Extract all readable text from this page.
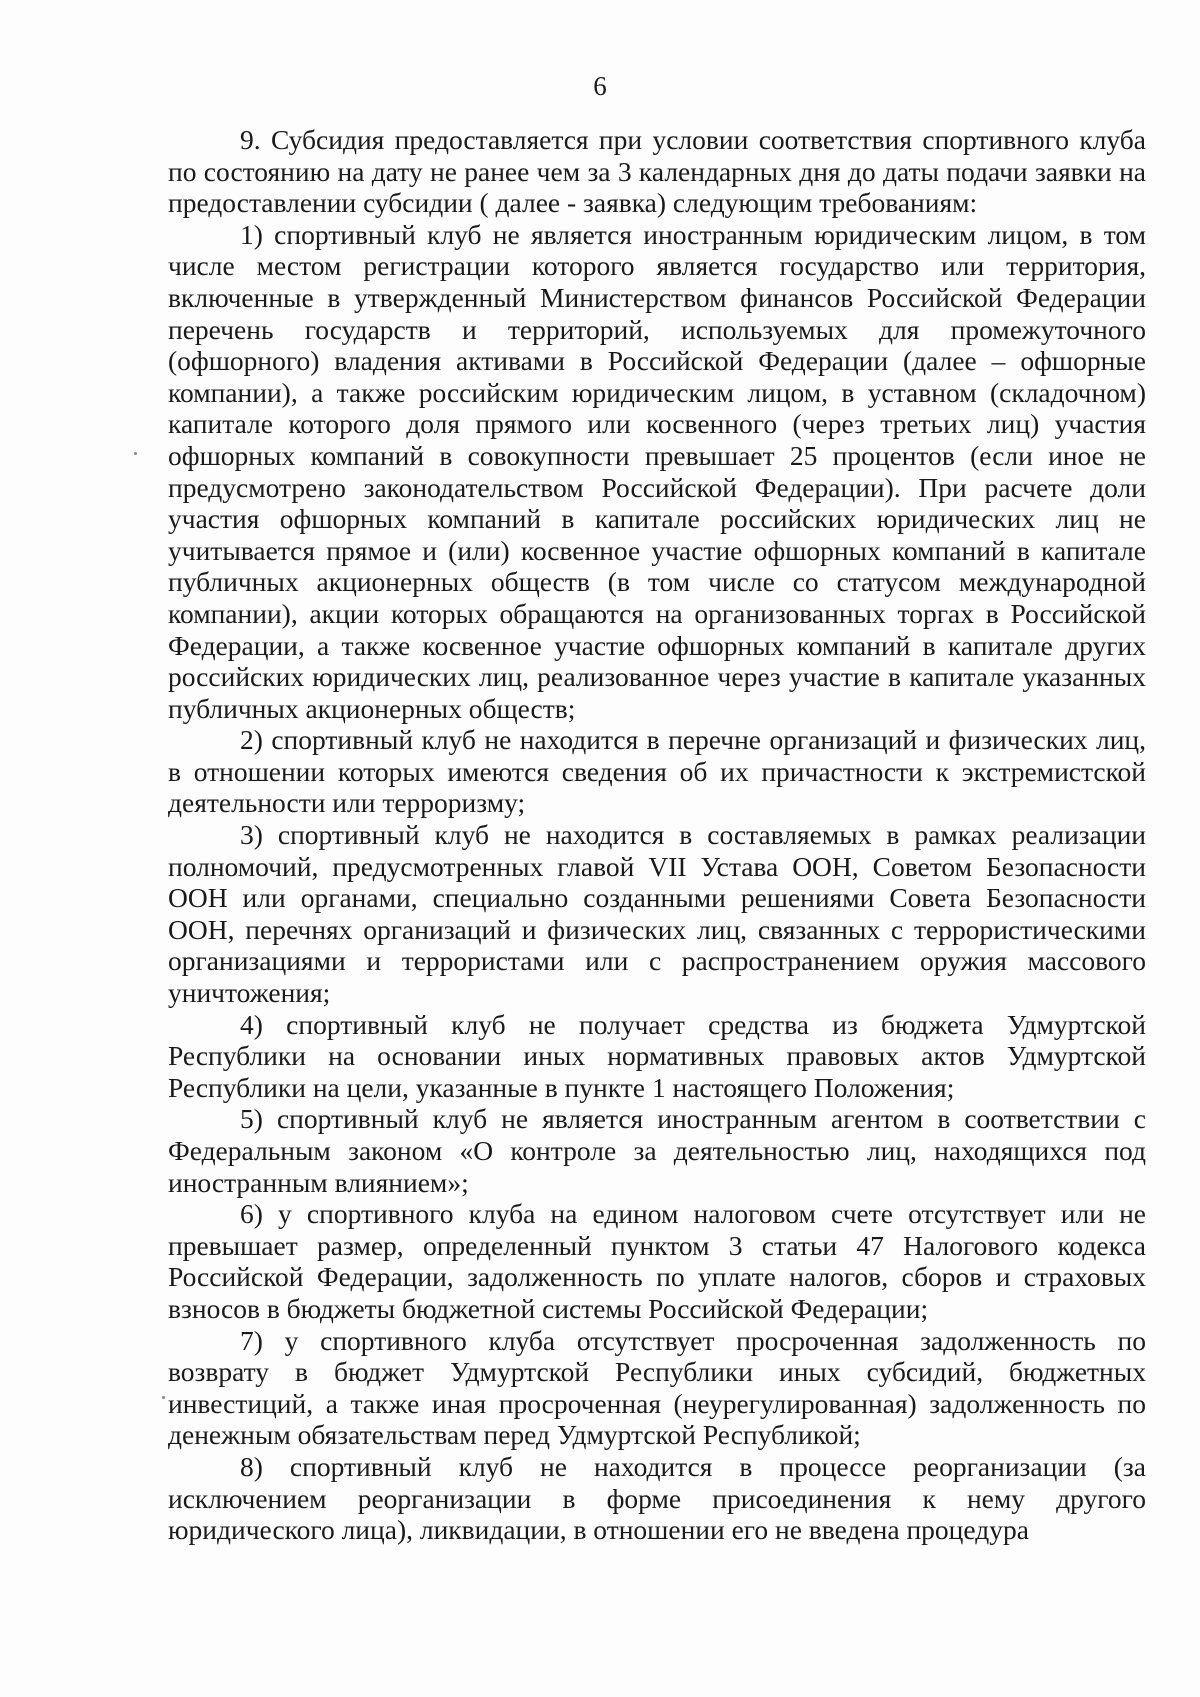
6

9. Субсидия предоставляется при условии соответствия спортивного клуба по состоянию на дату не ранее чем за 3 календарных дня до даты подачи заявки на предоставлении субсидии ( далее - заявка) следующим требованиям:

1) спортивный клуб не является иностранным юридическим лицом, в том числе местом регистрации которого является государство или территория, включенные в утвержденный Министерством финансов Российской Федерации перечень государств и территорий, используемых для промежуточного (офшорного) владения активами в Российской Федерации (далее – офшорные компании), а также российским юридическим лицом, в уставном (складочном) капитале которого доля прямого или косвенного (через третьих лиц) участия офшорных компаний в совокупности превышает 25 процентов (если иное не предусмотрено законодательством Российской Федерации). При расчете доли участия офшорных компаний в капитале российских юридических лиц не учитывается прямое и (или) косвенное участие офшорных компаний в капитале публичных акционерных обществ (в том числе со статусом международной компании), акции которых обращаются на организованных торгах в Российской Федерации, а также косвенное участие офшорных компаний в капитале других российских юридических лиц, реализованное через участие в капитале указанных публичных акционерных обществ;

2) спортивный клуб не находится в перечне организаций и физических лиц, в отношении которых имеются сведения об их причастности к экстремистской деятельности или терроризму;

3) спортивный клуб не находится в составляемых в рамках реализации полномочий, предусмотренных главой VII Устава ООН, Советом Безопасности ООН или органами, специально созданными решениями Совета Безопасности ООН, перечнях организаций и физических лиц, связанных с террористическими организациями и террористами или с распространением оружия массового уничтожения;

4) спортивный клуб не получает средства из бюджета Удмуртской Республики на основании иных нормативных правовых актов Удмуртской Республики на цели, указанные в пункте 1 настоящего Положения;

5) спортивный клуб не является иностранным агентом в соответствии с Федеральным законом «О контроле за деятельностью лиц, находящихся под иностранным влиянием»;

6) у спортивного клуба на едином налоговом счете отсутствует или не превышает размер, определенный пунктом 3 статьи 47 Налогового кодекса Российской Федерации, задолженность по уплате налогов, сборов и страховых взносов в бюджеты бюджетной системы Российской Федерации;

7) у спортивного клуба отсутствует просроченная задолженность по возврату в бюджет Удмуртской Республики иных субсидий, бюджетных инвестиций, а также иная просроченная (неурегулированная) задолженность по денежным обязательствам перед Удмуртской Республикой;

8) спортивный клуб не находится в процессе реорганизации (за исключением реорганизации в форме присоединения к нему другого юридического лица), ликвидации, в отношении его не введена процедура
